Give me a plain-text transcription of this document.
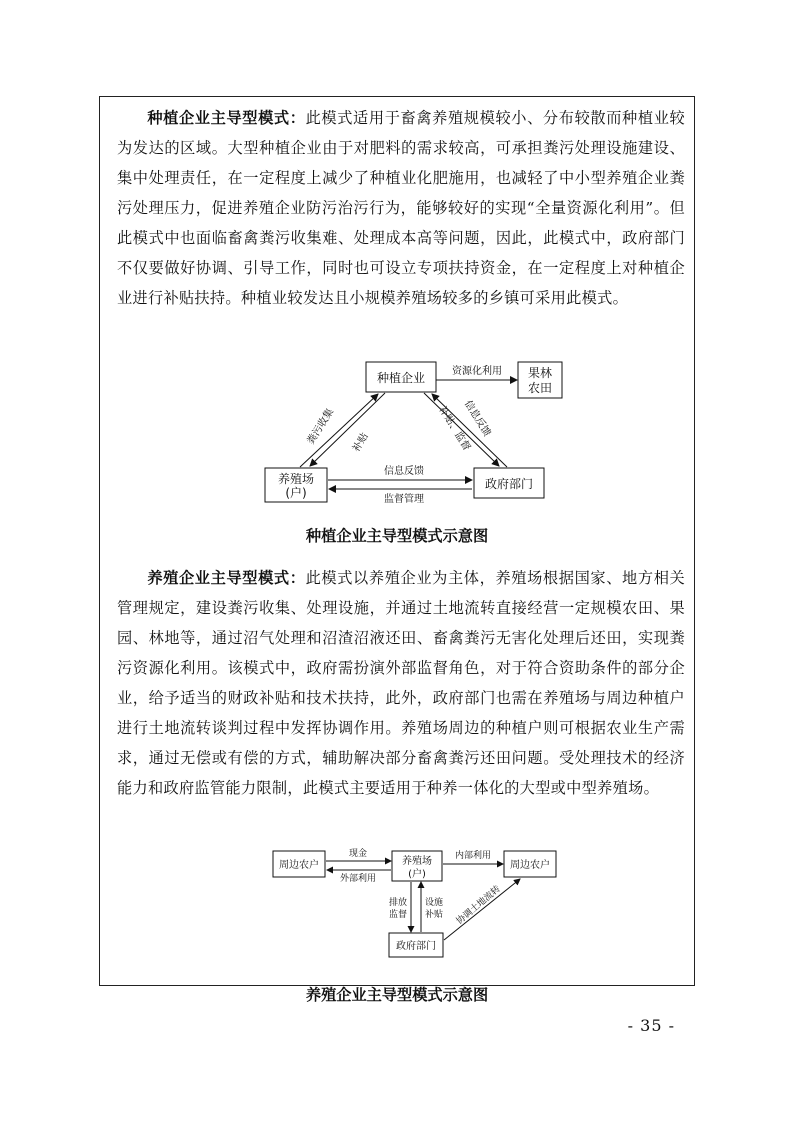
种植企业主导型模式：此模式适用于畜禽养殖规模较小、分布较散而种植业较为发达的区域。大型种植企业由于对肥料的需求较高，可承担粪污处理设施建设、集中处理责任，在一定程度上减少了种植业化肥施用，也减轻了中小型养殖企业粪污处理压力，促进养殖企业防污治污行为，能够较好的实现“全量资源化利用”。但此模式中也面临畜禽粪污收集难、处理成本高等问题，因此，此模式中，政府部门不仅要做好协调、引导工作，同时也可设立专项扶持资金，在一定程度上对种植企业进行补贴扶持。种植业较发达且小规模养殖场较多的乡镇可采用此模式。

种植企业	果林
农田
养殖场
(户)
政府部门
资源化利用
粪污收集 补贴
信息反馈
补贴、监督
信息反馈
监督管理
种植企业主导型模式示意图

养殖企业主导型模式：此模式以养殖企业为主体，养殖场根据国家、地方相关管理规定，建设粪污收集、处理设施，并通过土地流转直接经营一定规模农田、果园、林地等，通过沼气处理和沼渣沼液还田、畜禽粪污无害化处理后还田，实现粪污资源化利用。该模式中，政府需扮演外部监督角色，对于符合资助条件的部分企业，给予适当的财政补贴和技术扶持，此外，政府部门也需在养殖场与周边种植户进行土地流转谈判过程中发挥协调作用。养殖场周边的种植户则可根据农业生产需求，通过无偿或有偿的方式，辅助解决部分畜禽粪污还田问题。受处理技术的经济能力和政府监管能力限制，此模式主要适用于种养一体化的大型或中型养殖场。

周边农户	养殖场
(户)
周边农户
政府部门
现金
外部利用
内部利用
排放
监督
设施
补贴 协调土地流转
养殖企业主导型模式示意图
- 35 -
